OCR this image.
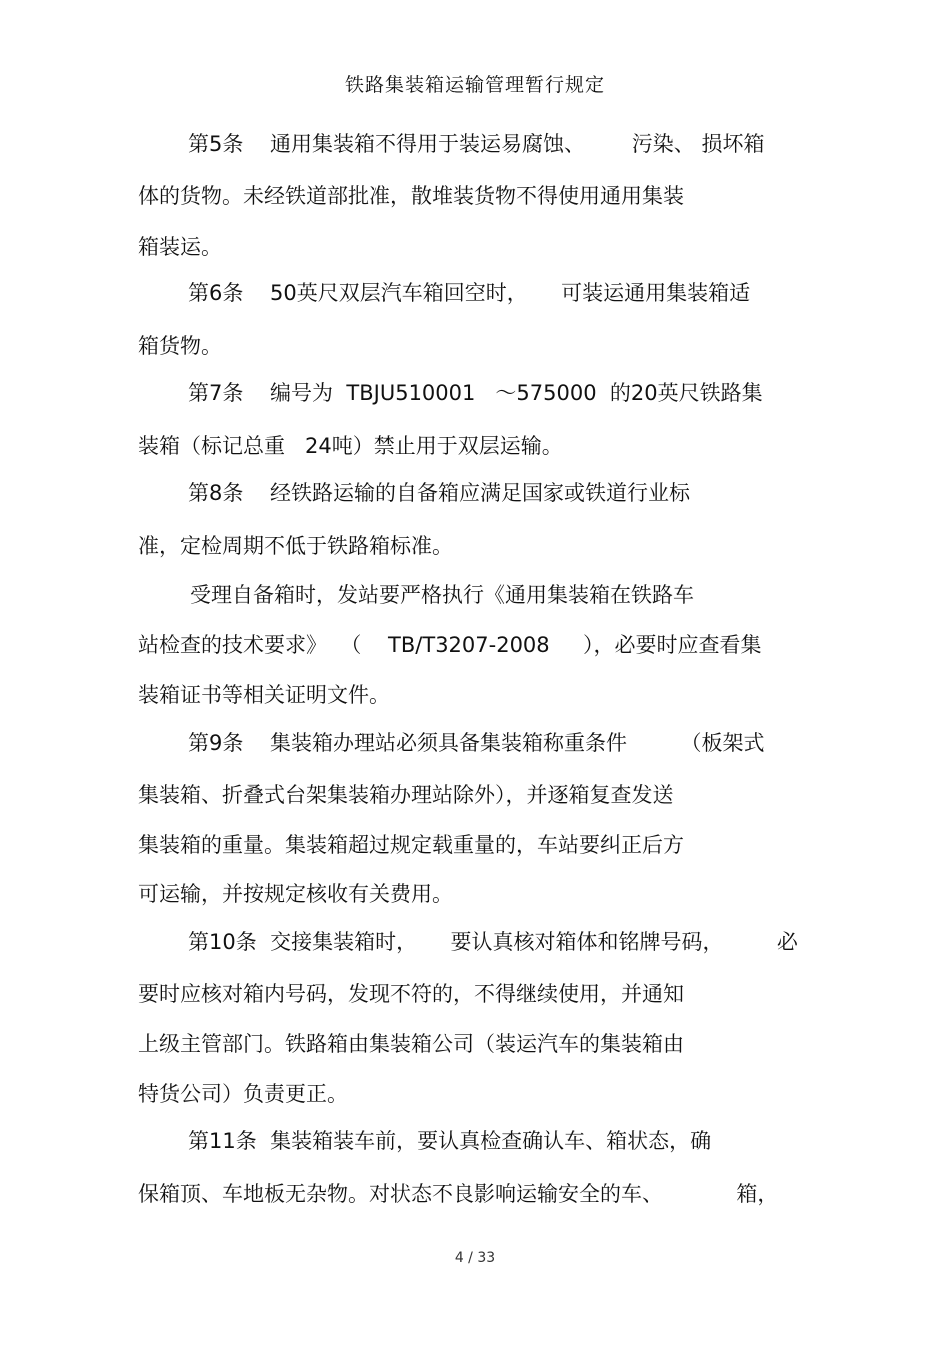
铁路集装箱运输管理暂行规定
第5条    通用集装箱不得用于装运易腐蚀、       污染、 损坏箱
体的货物。未经铁道部批准，散堆装货物不得使用通用集装
箱装运。
第6条    50英尺双层汽车箱回空时，     可装运通用集装箱适
箱货物。
第7条    编号为  TBJU510001   ～575000  的20英尺铁路集
装箱（标记总重   24吨）禁止用于双层运输。
第8条    经铁路运输的自备箱应满足国家或铁道行业标
准，定检周期不低于铁路箱标准。
受理自备箱时，发站要严格执行《通用集装箱在铁路车
站检查的技术要求》  （    TB/T3207-2008     ），必要时应查看集
装箱证书等相关证明文件。
第9条    集装箱办理站必须具备集装箱称重条件        （板架式
集装箱、折叠式台架集装箱办理站除外），并逐箱复查发送
集装箱的重量。集装箱超过规定载重量的，车站要纠正后方
可运输，并按规定核收有关费用。
第10条  交接集装箱时，     要认真核对箱体和铭牌号码，        必
要时应核对箱内号码，发现不符的，不得继续使用，并通知
上级主管部门。铁路箱由集装箱公司（装运汽车的集装箱由
特货公司）负责更正。
第11条  集装箱装车前，要认真检查确认车、箱状态，确
保箱顶、车地板无杂物。对状态不良影响运输安全的车、           箱，
4 / 33
